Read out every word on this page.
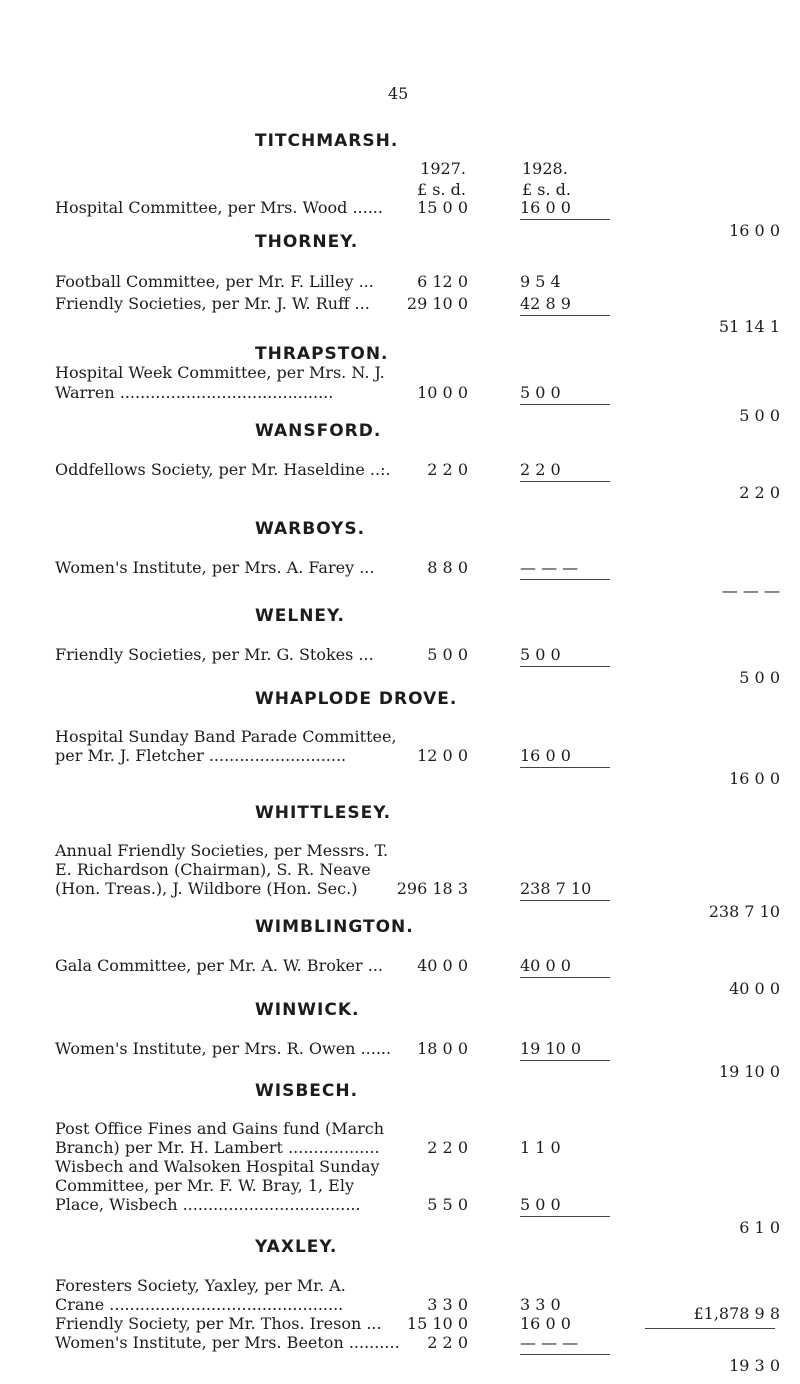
45
1927.
£ s. d.
1928.
£ s. d.
TITCHMARSH.
Hospital Committee, per Mrs. Wood ......	15 0 0	16 0 0
16 0 0
THORNEY.
Football Committee, per Mr. F. Lilley ...	6 12 0	9 5 4
Friendly Societies, per Mr. J. W. Ruff ...	29 10 0	42 8 9
51 14 1
THRAPSTON.
Hospital Week Committee, per Mrs. N. J.
Warren ..........................................	10 0 0	5 0 0
5 0 0
WANSFORD.
Oddfellows Society, per Mr. Haseldine ..:.	2 2 0	2 2 0
2 2 0
WARBOYS.
Women's Institute, per Mrs. A. Farey ...	8 8 0	— — —
— — —
WELNEY.
Friendly Societies, per Mr. G. Stokes ...	5 0 0	5 0 0
5 0 0
WHAPLODE DROVE.
Hospital Sunday Band Parade Committee,
per Mr. J. Fletcher ...........................	12 0 0	16 0 0
16 0 0
WHITTLESEY.
Annual Friendly Societies, per Messrs. T.
E. Richardson (Chairman), S. R. Neave
(Hon. Treas.), J. Wildbore (Hon. Sec.)	296 18 3	238 7 10
238 7 10
WIMBLINGTON.
Gala Committee, per Mr. A. W. Broker ...	40 0 0	40 0 0
40 0 0
WINWICK.
Women's Institute, per Mrs. R. Owen ......	18 0 0	19 10 0
19 10 0
WISBECH.
Post Office Fines and Gains fund (March
Branch) per Mr. H. Lambert ..................	2 2 0	1 1 0
Wisbech and Walsoken Hospital Sunday
Committee, per Mr. F. W. Bray, 1, Ely
Place, Wisbech ...................................	5 5 0	5 0 0
6 1 0
YAXLEY.
Foresters Society, Yaxley, per Mr. A.
Crane ..............................................	3 3 0	3 3 0
Friendly Society, per Mr. Thos. Ireson ...	15 10 0	16 0 0
Women's Institute, per Mrs. Beeton ..........	2 2 0	— — —
19 3 0
£1,878 9 8
